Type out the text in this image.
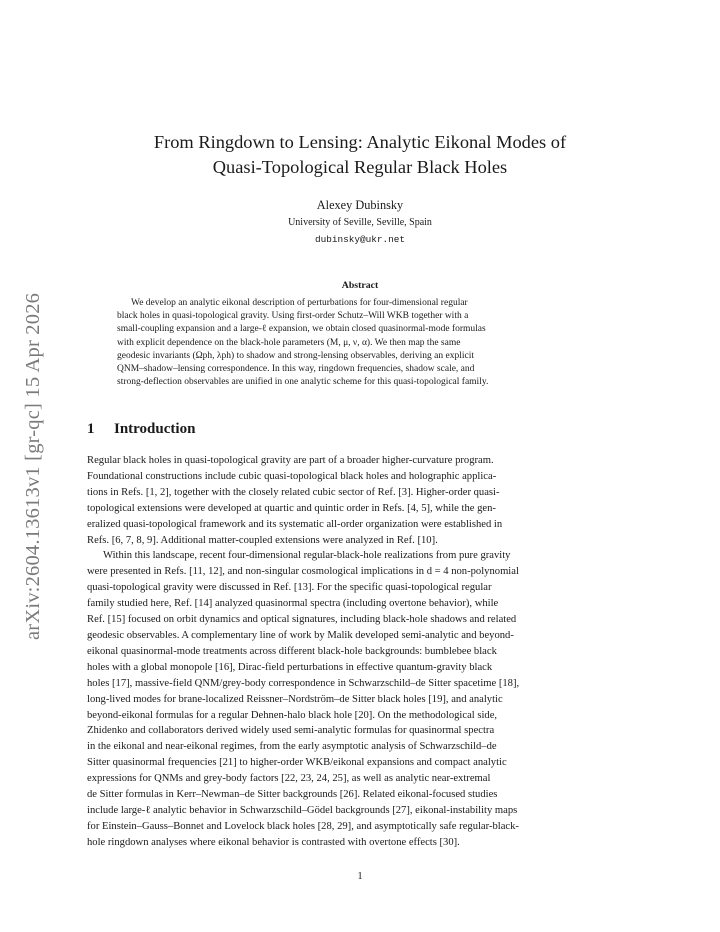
arXiv:2604.13613v1 [gr-qc] 15 Apr 2026
From Ringdown to Lensing: Analytic Eikonal Modes of
Quasi-Topological Regular Black Holes
Alexey Dubinsky
University of Seville, Seville, Spain
dubinsky@ukr.net
Abstract
We develop an analytic eikonal description of perturbations for four-dimensional regular
black holes in quasi-topological gravity. Using first-order Schutz–Will WKB together with a
small-coupling expansion and a large-ℓ expansion, we obtain closed quasinormal-mode formulas
with explicit dependence on the black-hole parameters (M, μ, ν, α). We then map the same
geodesic invariants (Ωph, λph) to shadow and strong-lensing observables, deriving an explicit
QNM–shadow–lensing correspondence. In this way, ringdown frequencies, shadow scale, and
strong-deflection observables are unified in one analytic scheme for this quasi-topological family.
1 Introduction
Regular black holes in quasi-topological gravity are part of a broader higher-curvature program.
Foundational constructions include cubic quasi-topological black holes and holographic applica-
tions in Refs. [1, 2], together with the closely related cubic sector of Ref. [3]. Higher-order quasi-
topological extensions were developed at quartic and quintic order in Refs. [4, 5], while the gen-
eralized quasi-topological framework and its systematic all-order organization were established in
Refs. [6, 7, 8, 9]. Additional matter-coupled extensions were analyzed in Ref. [10].
Within this landscape, recent four-dimensional regular-black-hole realizations from pure gravity
were presented in Refs. [11, 12], and non-singular cosmological implications in d = 4 non-polynomial
quasi-topological gravity were discussed in Ref. [13]. For the specific quasi-topological regular
family studied here, Ref. [14] analyzed quasinormal spectra (including overtone behavior), while
Ref. [15] focused on orbit dynamics and optical signatures, including black-hole shadows and related
geodesic observables. A complementary line of work by Malik developed semi-analytic and beyond-
eikonal quasinormal-mode treatments across different black-hole backgrounds: bumblebee black
holes with a global monopole [16], Dirac-field perturbations in effective quantum-gravity black
holes [17], massive-field QNM/grey-body correspondence in Schwarzschild–de Sitter spacetime [18],
long-lived modes for brane-localized Reissner–Nordström–de Sitter black holes [19], and analytic
beyond-eikonal formulas for a regular Dehnen-halo black hole [20]. On the methodological side,
Zhidenko and collaborators derived widely used semi-analytic formulas for quasinormal spectra
in the eikonal and near-eikonal regimes, from the early asymptotic analysis of Schwarzschild–de
Sitter quasinormal frequencies [21] to higher-order WKB/eikonal expansions and compact analytic
expressions for QNMs and grey-body factors [22, 23, 24, 25], as well as analytic near-extremal
de Sitter formulas in Kerr–Newman–de Sitter backgrounds [26]. Related eikonal-focused studies
include large-ℓ analytic behavior in Schwarzschild–Gödel backgrounds [27], eikonal-instability maps
for Einstein–Gauss–Bonnet and Lovelock black holes [28, 29], and asymptotically safe regular-black-
hole ringdown analyses where eikonal behavior is contrasted with overtone effects [30].
1
